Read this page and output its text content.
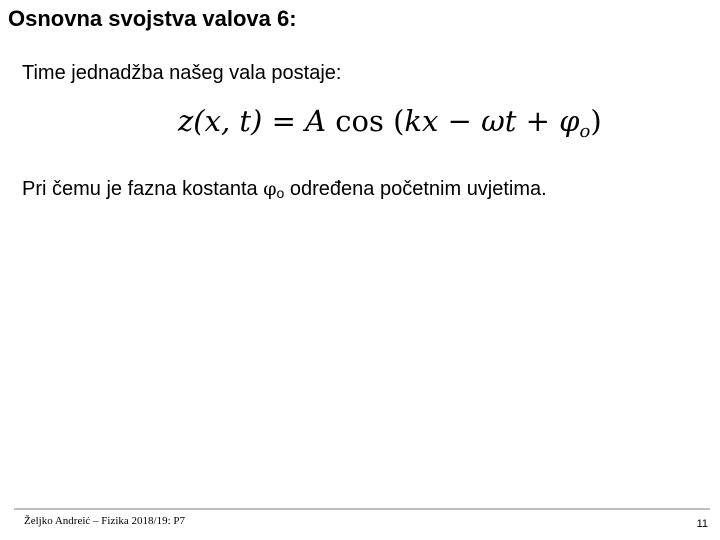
Osnovna svojstva valova 6:
Time jednadžba našeg vala postaje:
z(x, t) = A $\cos (kx - \omega t + \varphi_o)$
Pri čemu je fazna kostanta $\varphi_o$ određena početnim uvjetima.
Željko Andreić – Fizika 2018/19: P7	11
